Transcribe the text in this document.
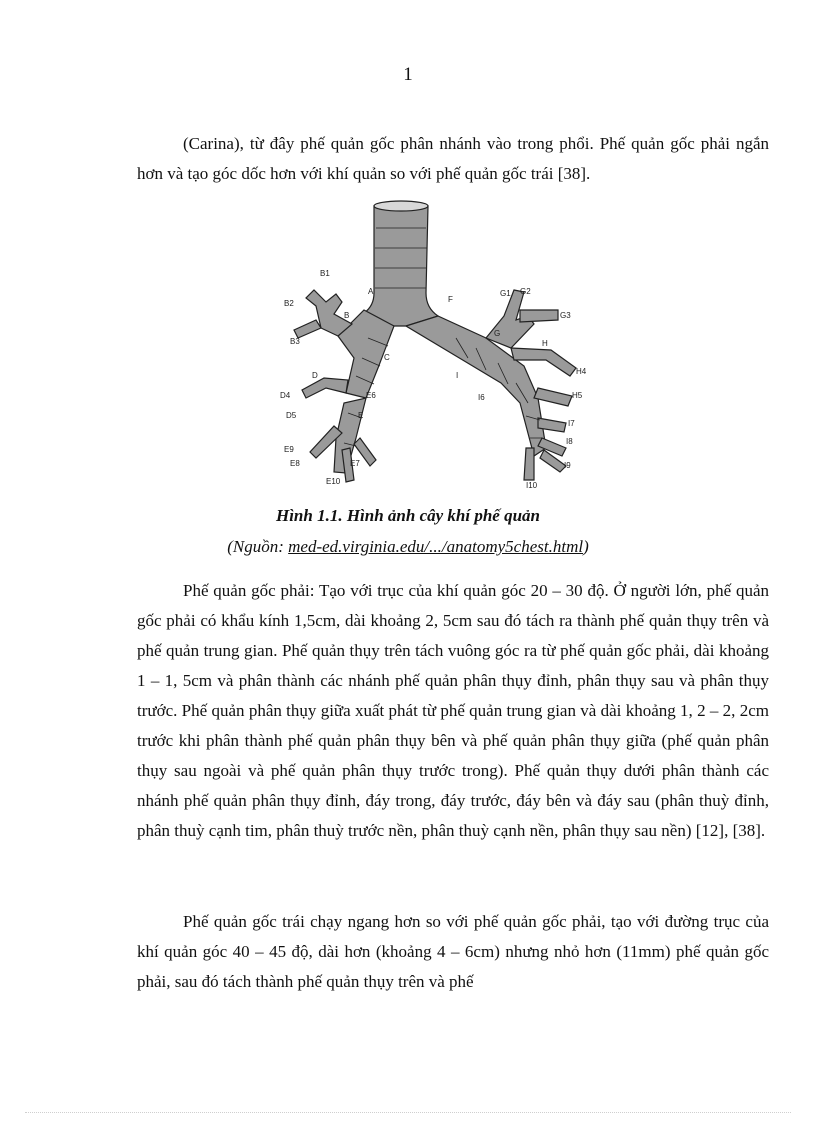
1

(Carina), từ đây phế quản gốc phân nhánh vào trong phổi. Phế quản gốc phải ngắn hơn và tạo góc dốc hơn với khí quản so với phế quản gốc trái [38].

B1
B2
B3
A
B
C
D
D4
D5
E6
E
E9
E8
E10
E7
F
G1 G2
G3
G
H
H4
H5
I
I6
I7
I8
I9
I10
Hình 1.1. Hình ảnh cây khí phế quản
(Nguồn: med-ed.virginia.edu/.../anatomy5chest.html)

Phế quản gốc phải: Tạo với trục của khí quản góc 20 – 30 độ. Ở người lớn, phế quản gốc phải có khẩu kính 1,5cm, dài khoảng 2, 5cm sau đó tách ra thành phế quản thụy trên và phế quản trung gian. Phế quản thụy trên tách vuông góc ra từ phế quản gốc phải, dài khoảng 1 – 1, 5cm và phân thành các nhánh phế quản phân thụy đỉnh, phân thụy sau và phân thụy trước. Phế quản phân thụy giữa xuất phát từ phế quản trung gian và dài khoảng 1, 2 – 2, 2cm trước khi phân thành phế quản phân thụy bên và phế quản phân thụy giữa (phế quản phân thụy sau ngoài và phế quản phân thụy trước trong). Phế quản thụy dưới phân thành các nhánh phế quản phân thụy đỉnh, đáy trong, đáy trước, đáy bên và đáy sau (phân thuỳ đỉnh, phân thuỳ cạnh tim, phân thuỳ trước nền, phân thuỳ cạnh nền, phân thụy sau nền) [12], [38].

Phế quản gốc trái chạy ngang hơn so với phế quản gốc phải, tạo với đường trục của khí quản góc 40 – 45 độ, dài hơn (khoảng 4 – 6cm) nhưng nhỏ hơn (11mm) phế quản gốc phải, sau đó tách thành phế quản thụy trên và phế
